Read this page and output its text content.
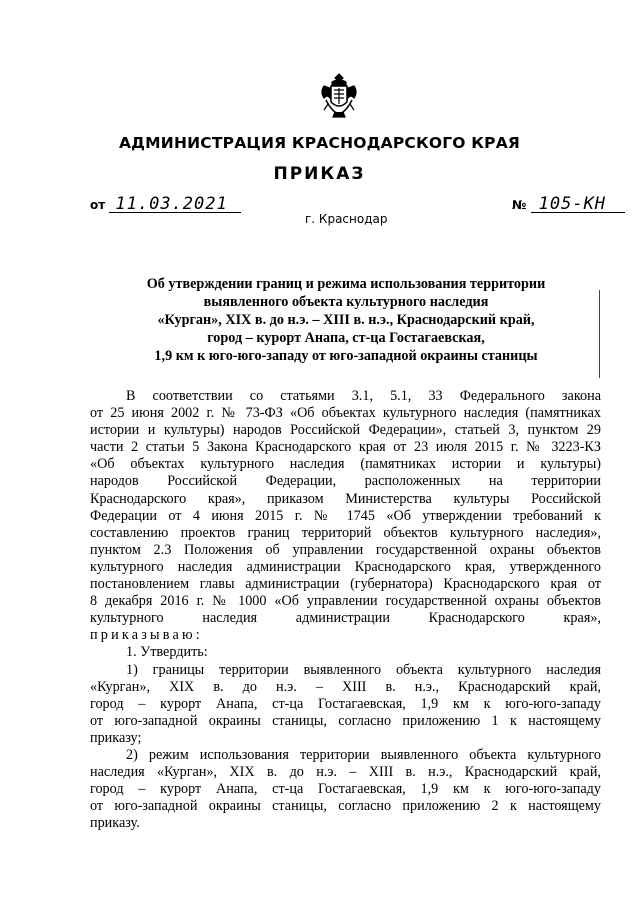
АДМИНИСТРАЦИЯ КРАСНОДАРСКОГО КРАЯ
ПРИКАЗ
от 11.03.2021	№ 105-КН
г. Краснодар
Об утверждении границ и режима использования территории
выявленного объекта культурного наследия
«Курган», XIX в. до н.э. – XIII в. н.э., Краснодарский край,
город – курорт Анапа, ст-ца Гостагаевская,
1,9 км к юго-юго-западу от юго-западной окраины станицы
В соответствии со статьями 3.1, 5.1, 33 Федерального закона
от 25 июня 2002 г. № 73-ФЗ «Об объектах культурного наследия (памятниках
истории и культуры) народов Российской Федерации», статьей 3, пунктом 29
части 2 статьи 5 Закона Краснодарского края от 23 июля 2015 г. № 3223-КЗ
«Об объектах культурного наследия (памятниках истории и культуры)
народов Российской Федерации, расположенных на территории
Краснодарского края», приказом Министерства культуры Российской
Федерации от 4 июня 2015 г. № 1745 «Об утверждении требований к
составлению проектов границ территорий объектов культурного наследия»,
пунктом 2.3 Положения об управлении государственной охраны объектов
культурного наследия администрации Краснодарского края, утвержденного
постановлением главы администрации (губернатора) Краснодарского края от
8 декабря 2016 г. № 1000 «Об управлении государственной охраны объектов
культурного наследия администрации Краснодарского края»,
приказываю:
1. Утвердить:
1) границы территории выявленного объекта культурного наследия
«Курган», XIX в. до н.э. – XIII в. н.э., Краснодарский край,
город – курорт Анапа, ст-ца Гостагаевская, 1,9 км к юго-юго-западу
от юго-западной окраины станицы, согласно приложению 1 к настоящему
приказу;
2) режим использования территории выявленного объекта культурного
наследия «Курган», XIX в. до н.э. – XIII в. н.э., Краснодарский край,
город – курорт Анапа, ст-ца Гостагаевская, 1,9 км к юго-юго-западу
от юго-западной окраины станицы, согласно приложению 2 к настоящему
приказу.
